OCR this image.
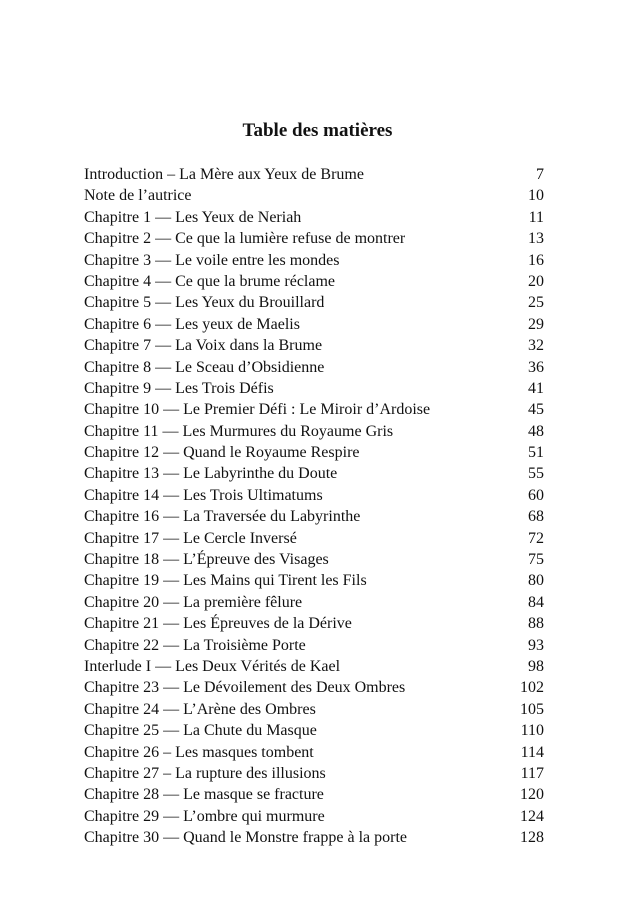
Table des matières
Introduction – La Mère aux Yeux de Brume	7
Note de l’autrice	10
Chapitre 1 — Les Yeux de Neriah	11
Chapitre 2 — Ce que la lumière refuse de montrer	13
Chapitre 3 — Le voile entre les mondes	16
Chapitre 4 — Ce que la brume réclame	20
Chapitre 5 — Les Yeux du Brouillard	25
Chapitre 6 — Les yeux de Maelis	29
Chapitre 7 — La Voix dans la Brume	32
Chapitre 8 — Le Sceau d’Obsidienne	36
Chapitre 9 — Les Trois Défis	41
Chapitre 10 — Le Premier Défi : Le Miroir d’Ardoise	45
Chapitre 11 — Les Murmures du Royaume Gris	48
Chapitre 12 — Quand le Royaume Respire	51
Chapitre 13 — Le Labyrinthe du Doute	55
Chapitre 14 — Les Trois Ultimatums	60
Chapitre 16 — La Traversée du Labyrinthe	68
Chapitre 17 — Le Cercle Inversé	72
Chapitre 18 — L’Épreuve des Visages	75
Chapitre 19 — Les Mains qui Tirent les Fils	80
Chapitre 20 — La première fêlure	84
Chapitre 21 — Les Épreuves de la Dérive	88
Chapitre 22 — La Troisième Porte	93
Interlude I — Les Deux Vérités de Kael	98
Chapitre 23 — Le Dévoilement des Deux Ombres	102
Chapitre 24 — L’Arène des Ombres	105
Chapitre 25 — La Chute du Masque	110
Chapitre 26 – Les masques tombent	114
Chapitre 27 – La rupture des illusions	117
Chapitre 28 — Le masque se fracture	120
Chapitre 29 — L’ombre qui murmure	124
Chapitre 30 — Quand le Monstre frappe à la porte	128
